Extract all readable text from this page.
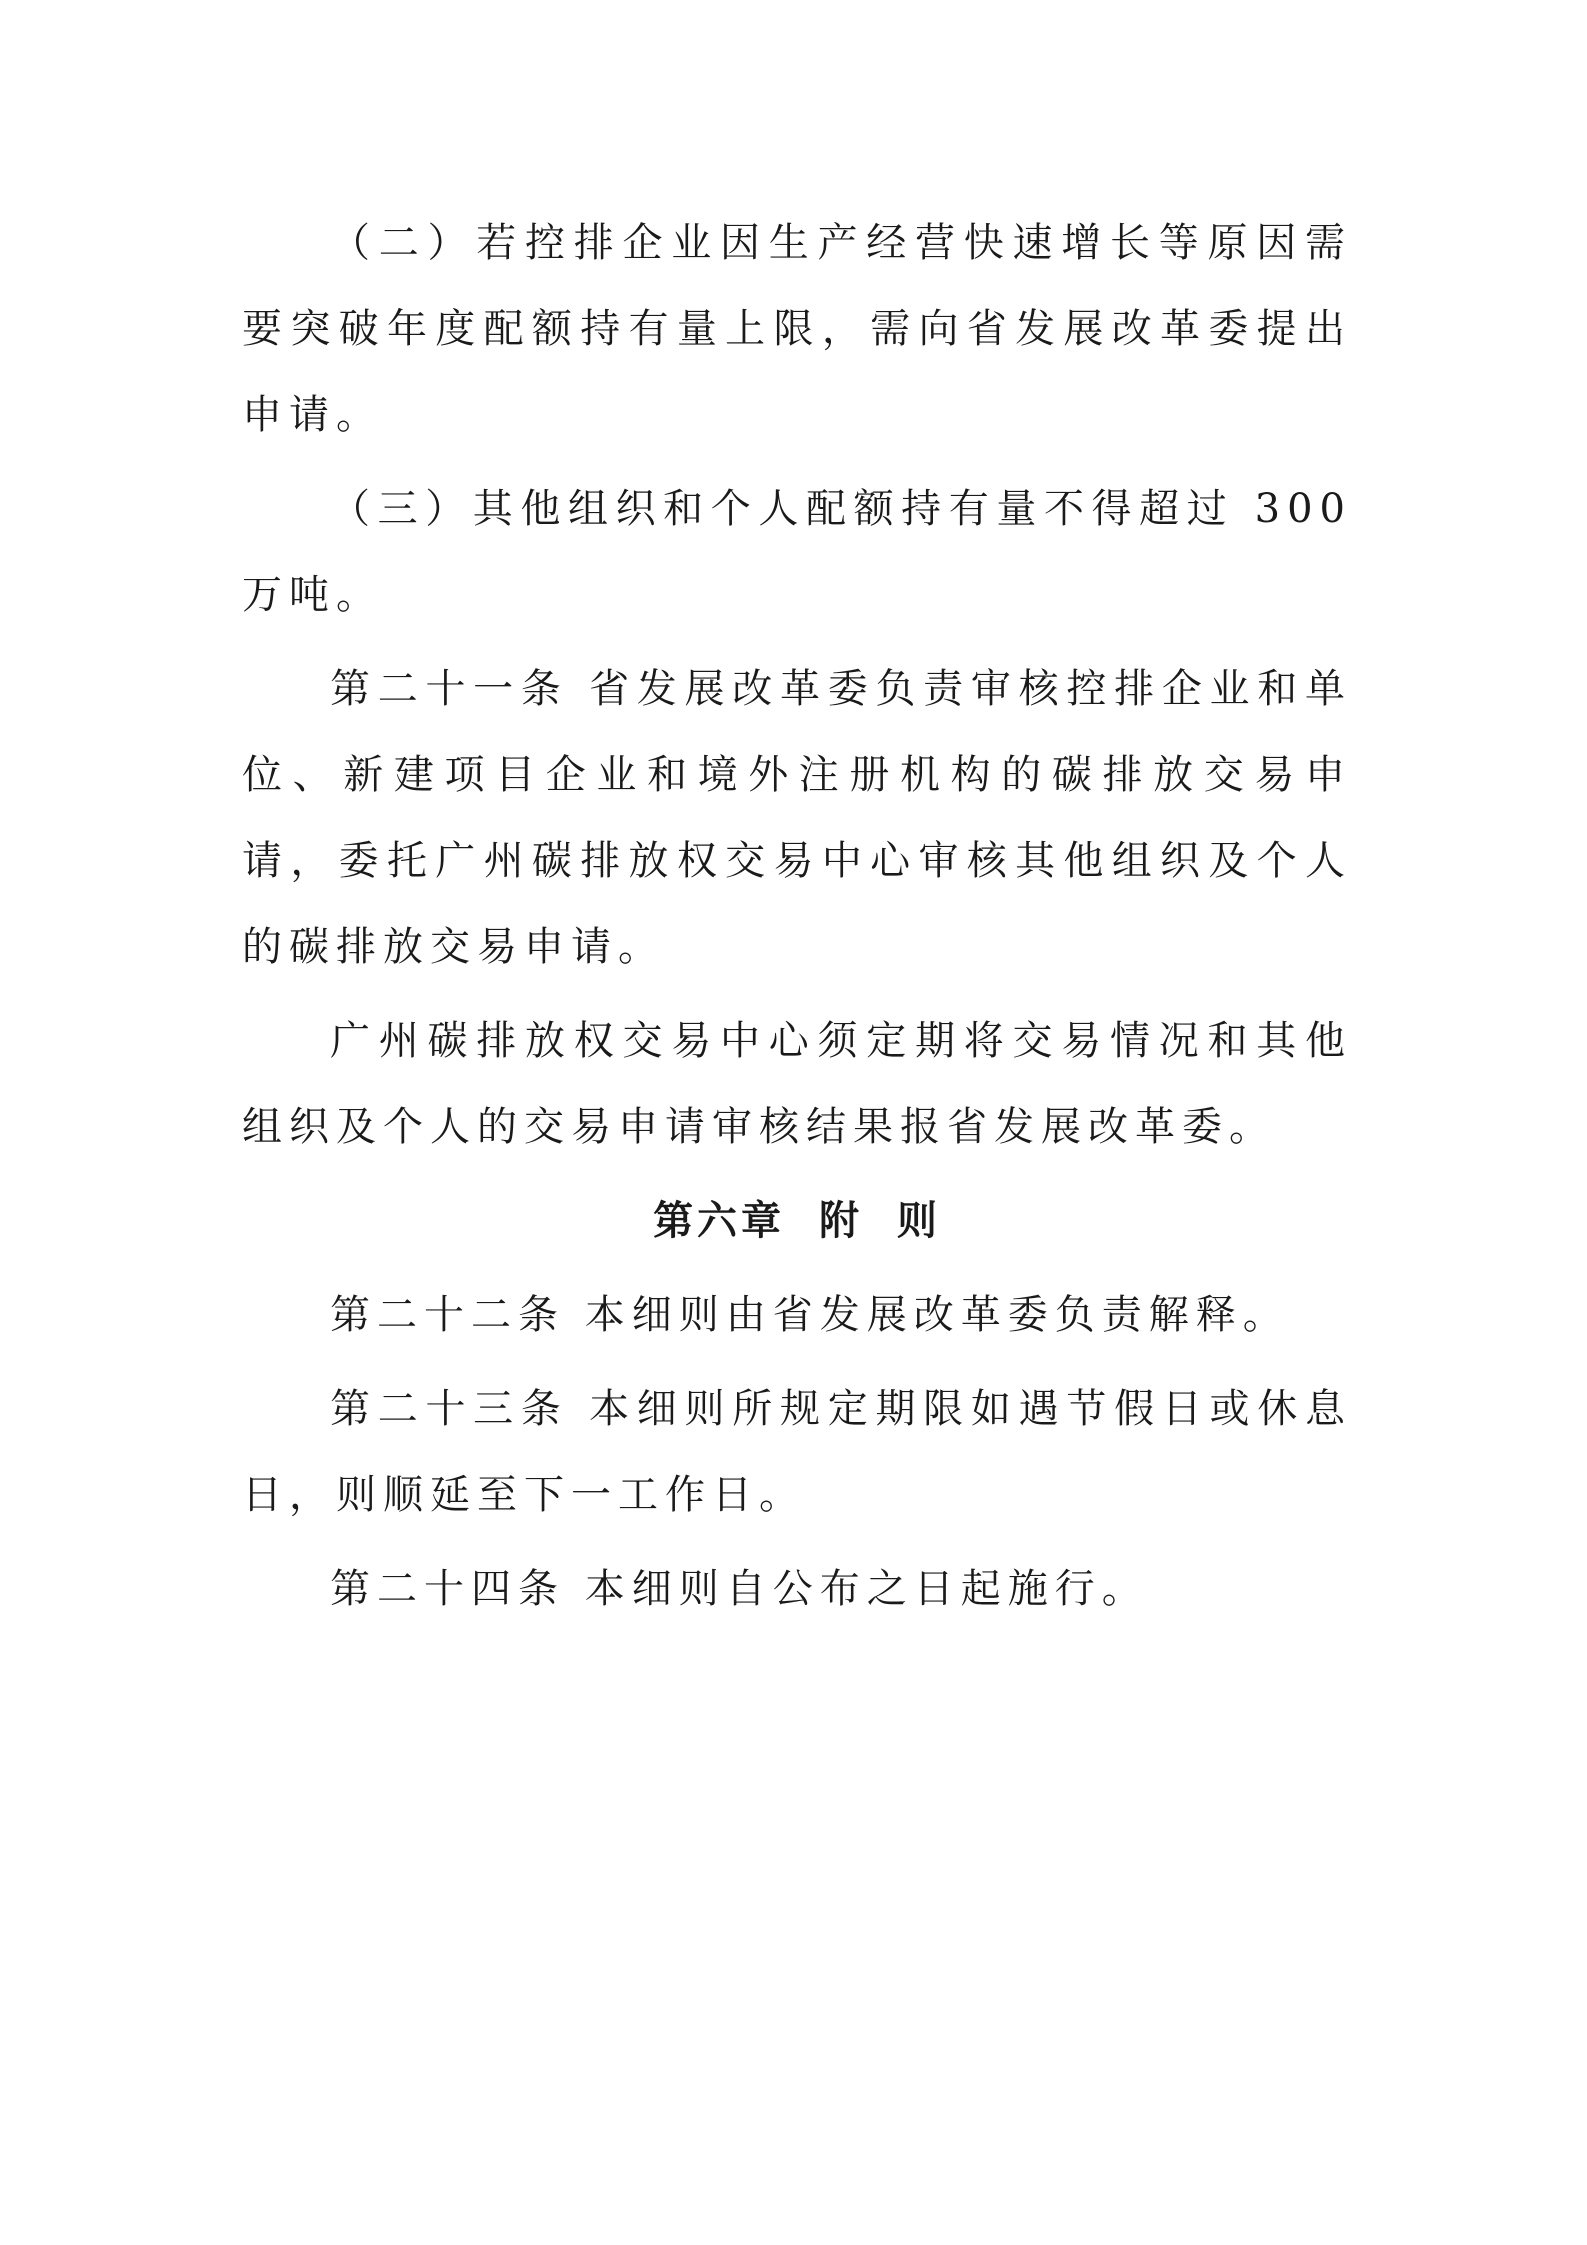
（二）若控排企业因生产经营快速增长等原因需要突破年度配额持有量上限，需向省发展改革委提出申请。

（三）其他组织和个人配额持有量不得超过 300 万吨。

第二十一条 省发展改革委负责审核控排企业和单位、新建项目企业和境外注册机构的碳排放交易申请，委托广州碳排放权交易中心审核其他组织及个人的碳排放交易申请。

广州碳排放权交易中心须定期将交易情况和其他组织及个人的交易申请审核结果报省发展改革委。

第六章 附 则

第二十二条 本细则由省发展改革委负责解释。

第二十三条 本细则所规定期限如遇节假日或休息日，则顺延至下一工作日。

第二十四条 本细则自公布之日起施行。
